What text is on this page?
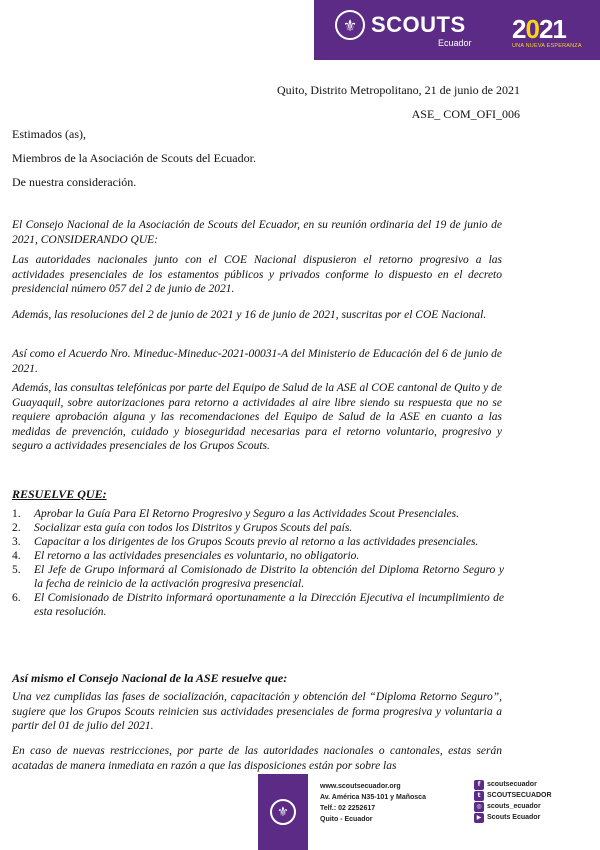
⚜ SCOUTS
Ecuador 2021
UNA NUEVA ESPERANZA
Quito, Distrito Metropolitano, 21 de junio de 2021
ASE_ COM_OFI_006
Estimados (as),
Miembros de la Asociación de Scouts del Ecuador.
De nuestra consideración.
El Consejo Nacional de la Asociación de Scouts del Ecuador, en su reunión ordinaria del 19 de junio de 2021, CONSIDERANDO QUE:
Las autoridades nacionales junto con el COE Nacional dispusieron el retorno progresivo a las actividades presenciales de los estamentos públicos y privados conforme lo dispuesto en el decreto presidencial número 057 del 2 de junio de 2021.
Además, las resoluciones del 2 de junio de 2021 y 16 de junio de 2021, suscritas por el COE Nacional.
Así como el Acuerdo Nro. Mineduc-Mineduc-2021-00031-A del Ministerio de Educación del 6 de junio de 2021.
Además, las consultas telefónicas por parte del Equipo de Salud de la ASE al COE cantonal de Quito y de Guayaquil, sobre autorizaciones para retorno a actividades al aire libre siendo su respuesta que no se requiere aprobación alguna y las recomendaciones del Equipo de Salud de la ASE en cuanto a las medidas de prevención, cuidado y bioseguridad necesarias para el retorno voluntario, progresivo y seguro a actividades presenciales de los Grupos Scouts.
RESUELVE QUE:
1.	Aprobar la Guía Para El Retorno Progresivo y Seguro a las Actividades Scout Presenciales.
2.	Socializar esta guía con todos los Distritos y Grupos Scouts del país.
3.	Capacitar a los dirigentes de los Grupos Scouts previo al retorno a las actividades presenciales.
4.	El retorno a las actividades presenciales es voluntario, no obligatorio.
5.	El Jefe de Grupo informará al Comisionado de Distrito la obtención del Diploma Retorno Seguro y la fecha de reinicio de la activación progresiva presencial.
6.	El Comisionado de Distrito informará oportunamente a la Dirección Ejecutiva el incumplimiento de esta resolución.
Así mismo el Consejo Nacional de la ASE resuelve que:
Una vez cumplidas las fases de socialización, capacitación y obtención del “Diploma Retorno Seguro”, sugiere que los Grupos Scouts reinicien sus actividades presenciales de forma progresiva y voluntaria a partir del 01 de julio del 2021.
En caso de nuevas restricciones, por parte de las autoridades nacionales o cantonales, estas serán acatadas de manera inmediata en razón a que las disposiciones están por sobre las
⚜
www.scoutsecuador.org
Av. América N35-101 y Mañosca
Telf.: 02 2252617
Quito - Ecuador
f scoutsecuador
t SCOUTSECUADOR
◎ scouts_ecuador
▶ Scouts Ecuador
